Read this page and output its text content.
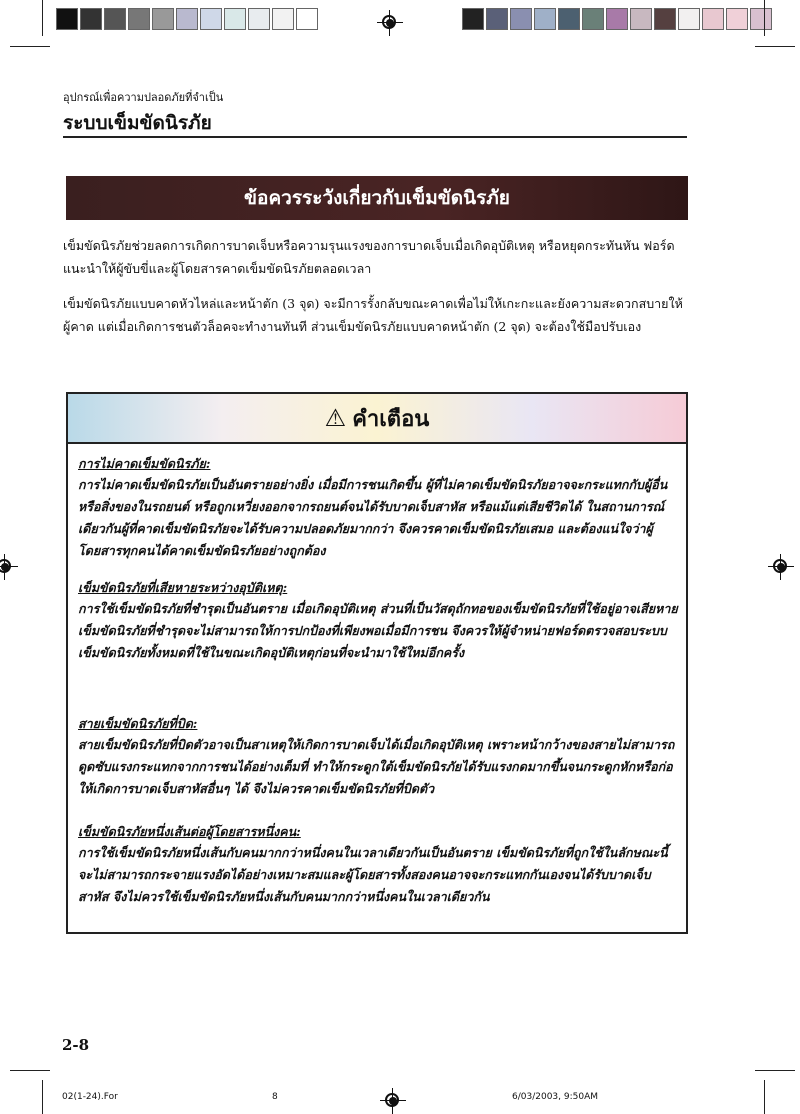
อุปกรณ์เพื่อความปลอดภัยที่จำเป็น
ระบบเข็มขัดนิรภัย
ข้อควรระวังเกี่ยวกับเข็มขัดนิรภัย

เข็มขัดนิรภัยช่วยลดการเกิดการบาดเจ็บหรือความรุนแรงของการบาดเจ็บเมื่อเกิดอุบัติเหตุ หรือหยุดกระทันหัน ฟอร์ดแนะนำให้ผู้ขับขี่และผู้โดยสารคาดเข็มขัดนิรภัยตลอดเวลา

เข็มขัดนิรภัยแบบคาดหัวไหล่และหน้าตัก (3 จุด) จะมีการรั้งกลับขณะคาดเพื่อไม่ให้เกะกะและยังความสะดวกสบายให้ผู้คาด แต่เมื่อเกิดการชนตัวล็อคจะทำงานทันที ส่วนเข็มขัดนิรภัยแบบคาดหน้าตัก (2 จุด) จะต้องใช้มือปรับเอง

⚠ คำเตือน

การไม่คาดเข็มขัดนิรภัย:

การไม่คาดเข็มขัดนิรภัยเป็นอันตรายอย่างยิ่ง เมื่อมีการชนเกิดขึ้น ผู้ที่ไม่คาดเข็มขัดนิรภัยอาจจะกระแทกกับผู้อื่นหรือสิ่งของในรถยนต์ หรือถูกเหวี่ยงออกจากรถยนต์จนได้รับบาดเจ็บสาหัส หรือแม้แต่เสียชีวิตได้ ในสถานการณ์เดียวกันผู้ที่คาดเข็มขัดนิรภัยจะได้รับความปลอดภัยมากกว่า จึงควรคาดเข็มขัดนิรภัยเสมอ และต้องแน่ใจว่าผู้โดยสารทุกคนได้คาดเข็มขัดนิรภัยอย่างถูกต้อง

เข็มขัดนิรภัยที่เสียหายระหว่างอุบัติเหตุ:

การใช้เข็มขัดนิรภัยที่ชำรุดเป็นอันตราย เมื่อเกิดอุบัติเหตุ ส่วนที่เป็นวัสดุถักทอของเข็มขัดนิรภัยที่ใช้อยู่อาจเสียหาย เข็มขัดนิรภัยที่ชำรุดจะไม่สามารถให้การปกป้องที่เพียงพอเมื่อมีการชน จึงควรให้ผู้จำหน่ายฟอร์ดตรวจสอบระบบเข็มขัดนิรภัยทั้งหมดที่ใช้ในขณะเกิดอุบัติเหตุก่อนที่จะนำมาใช้ใหม่อีกครั้ง

สายเข็มขัดนิรภัยที่บิด:

สายเข็มขัดนิรภัยที่บิดตัวอาจเป็นสาเหตุให้เกิดการบาดเจ็บได้เมื่อเกิดอุบัติเหตุ เพราะหน้ากว้างของสายไม่สามารถดูดซับแรงกระแทกจากการชนได้อย่างเต็มที่ ทำให้กระดูกใต้เข็มขัดนิรภัยได้รับแรงกดมากขึ้นจนกระดูกหักหรือก่อให้เกิดการบาดเจ็บสาหัสอื่นๆ ได้ จึงไม่ควรคาดเข็มขัดนิรภัยที่บิดตัว

เข็มขัดนิรภัยหนึ่งเส้นต่อผู้โดยสารหนึ่งคน:

การใช้เข็มขัดนิรภัยหนึ่งเส้นกับคนมากกว่าหนึ่งคนในเวลาเดียวกันเป็นอันตราย เข็มขัดนิรภัยที่ถูกใช้ในลักษณะนี้จะไม่สามารถกระจายแรงอัดได้อย่างเหมาะสมและผู้โดยสารทั้งสองคนอาจจะกระแทกกันเองจนได้รับบาดเจ็บสาหัส จึงไม่ควรใช้เข็มขัดนิรภัยหนึ่งเส้นกับคนมากกว่าหนึ่งคนในเวลาเดียวกัน

2-8
02(1-24).For	8	6/03/2003, 9:50AM
